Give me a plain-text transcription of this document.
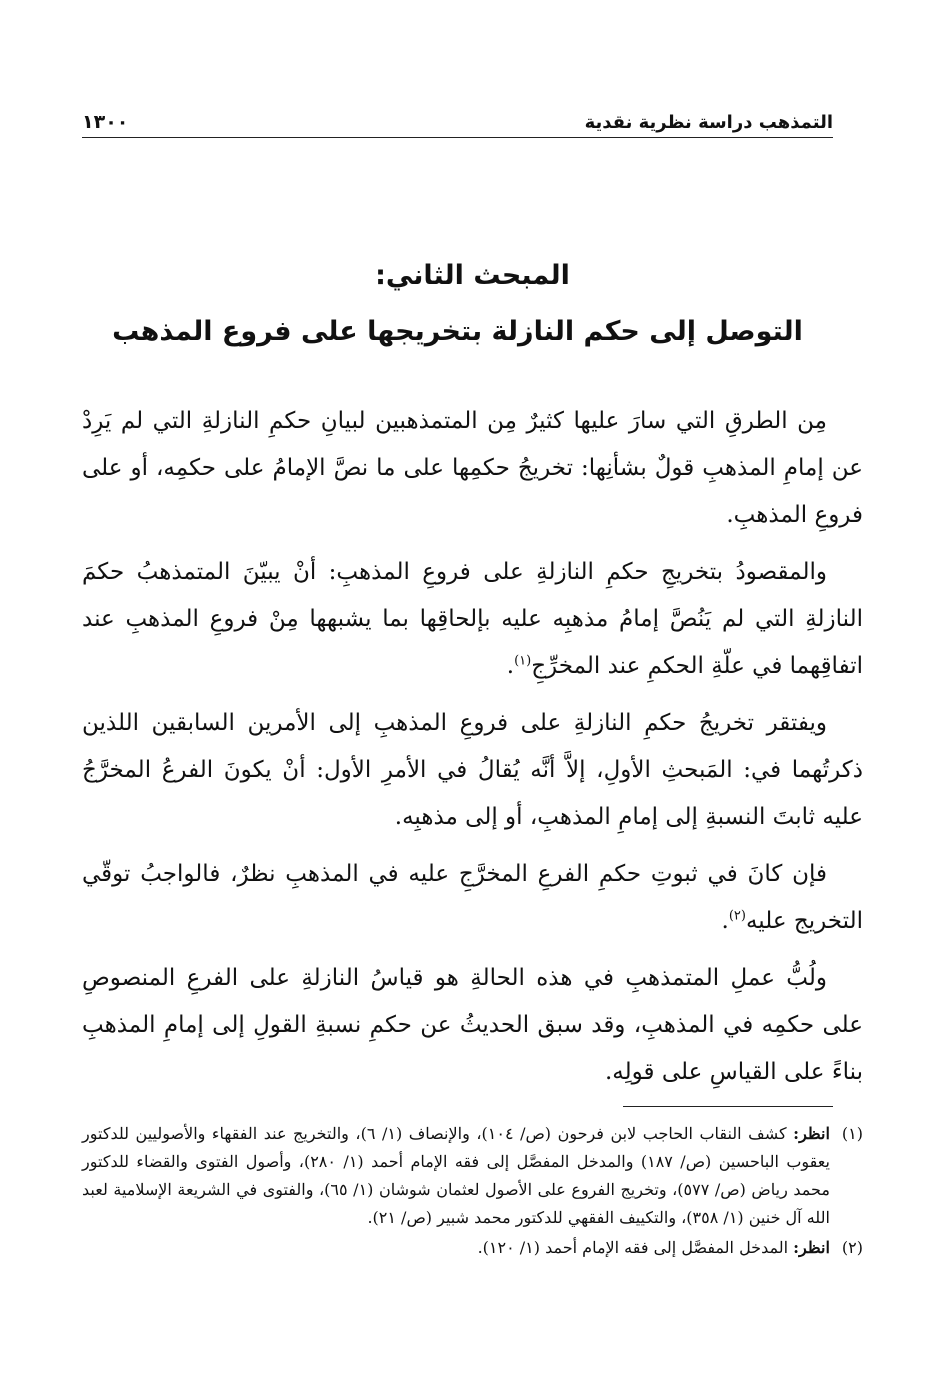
التمذهب دراسة نظرية نقدية
١٣٠٠
المبحث الثاني:
التوصل إلى حكم النازلة بتخريجها على فروع المذهب

مِن الطرقِ التي سارَ عليها كثيرٌ مِن المتمذهبين لبيانِ حكمِ النازلةِ التي لم يَرِدْ عن إمامِ المذهبِ قولٌ بشأنِها: تخريجُ حكمِها على ما نصَّ الإمامُ على حكمِه، أو على فروعِ المذهبِ.

والمقصودُ بتخريجِ حكمِ النازلةِ على فروعِ المذهبِ: أنْ يبيّنَ المتمذهبُ حكمَ النازلةِ التي لم يَنُصَّ إمامُ مذهبِه عليه بإلحاقِها بما يشبهها مِنْ فروعِ المذهبِ عند اتفاقِهما في علّةِ الحكمِ عند المخرِّجِ$^{(١)}$.

ويفتقر تخريجُ حكمِ النازلةِ على فروعِ المذهبِ إلى الأمرين السابقين اللذين ذكرتُهما في: المَبحثِ الأولِ، إلاَّ أنَّه يُقالُ في الأمرِ الأول: أنْ يكونَ الفرعُ المخرَّجُ عليه ثابتَ النسبةِ إلى إمامِ المذهبِ، أو إلى مذهبِه.

فإن كانَ في ثبوتِ حكمِ الفرعِ المخرَّجِ عليه في المذهبِ نظرٌ، فالواجبُ توقّي التخريج عليه$^{(٢)}$.

ولُبُّ عملِ المتمذهبِ في هذه الحالةِ هو قياسُ النازلةِ على الفرعِ المنصوصِ على حكمِه في المذهبِ، وقد سبق الحديثُ عن حكمِ نسبةِ القولِ إلى إمامِ المذهبِ بناءً على القياسِ على قولِه.

(١)
انظر: كشف النقاب الحاجب لابن فرحون (ص/ ١٠٤)، والإنصاف (١/ ٦)، والتخريج عند الفقهاء والأصوليين للدكتور يعقوب الباحسين (ص/ ١٨٧) والمدخل المفصَّل إلى فقه الإمام أحمد (١/ ٢٨٠)، وأصول الفتوى والقضاء للدكتور محمد رياض (ص/ ٥٧٧)، وتخريج الفروع على الأصول لعثمان شوشان (١/ ٦٥)، والفتوى في الشريعة الإسلامية لعبد الله آل خنين (١/ ٣٥٨)، والتكييف الفقهي للدكتور محمد شبير (ص/ ٢١).
(٢)
انظر: المدخل المفصَّل إلى فقه الإمام أحمد (١/ ١٢٠).
